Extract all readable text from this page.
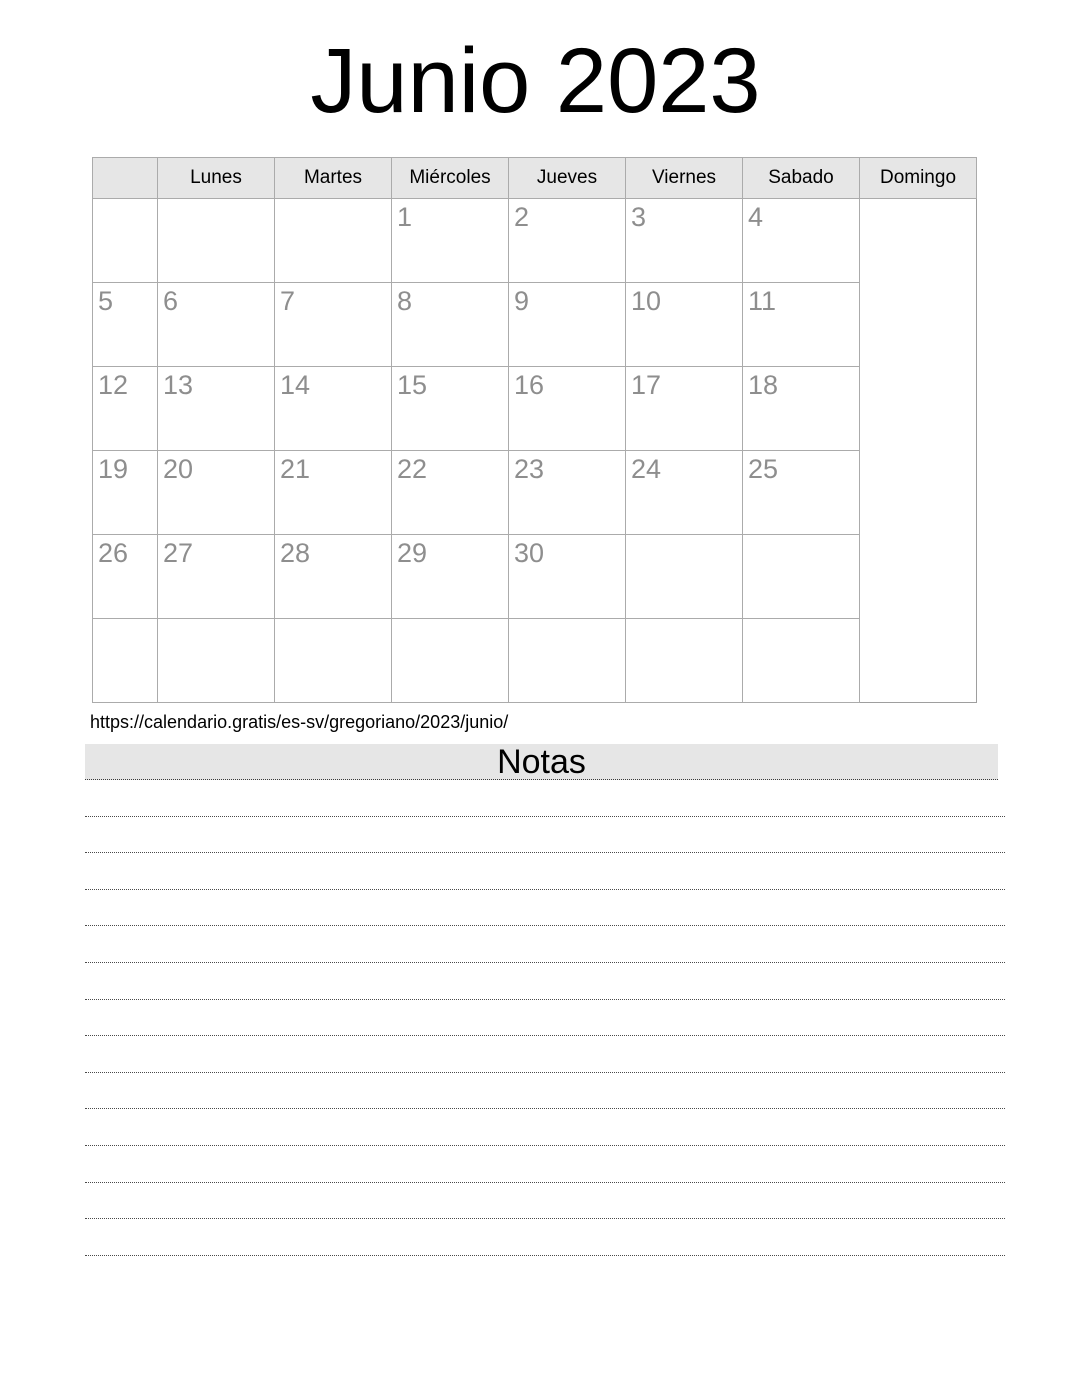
Junio 2023
	Lunes	Martes	Miércoles	Jueves	Viernes	Sabado	Domingo
			1	2	3	4	
5	6	7	8	9	10	11	
12	13	14	15	16	17	18	
19	20	21	22	23	24	25	
26	27	28	29	30			

https://calendario.gratis/es-sv/gregoriano/2023/junio/
Notas
